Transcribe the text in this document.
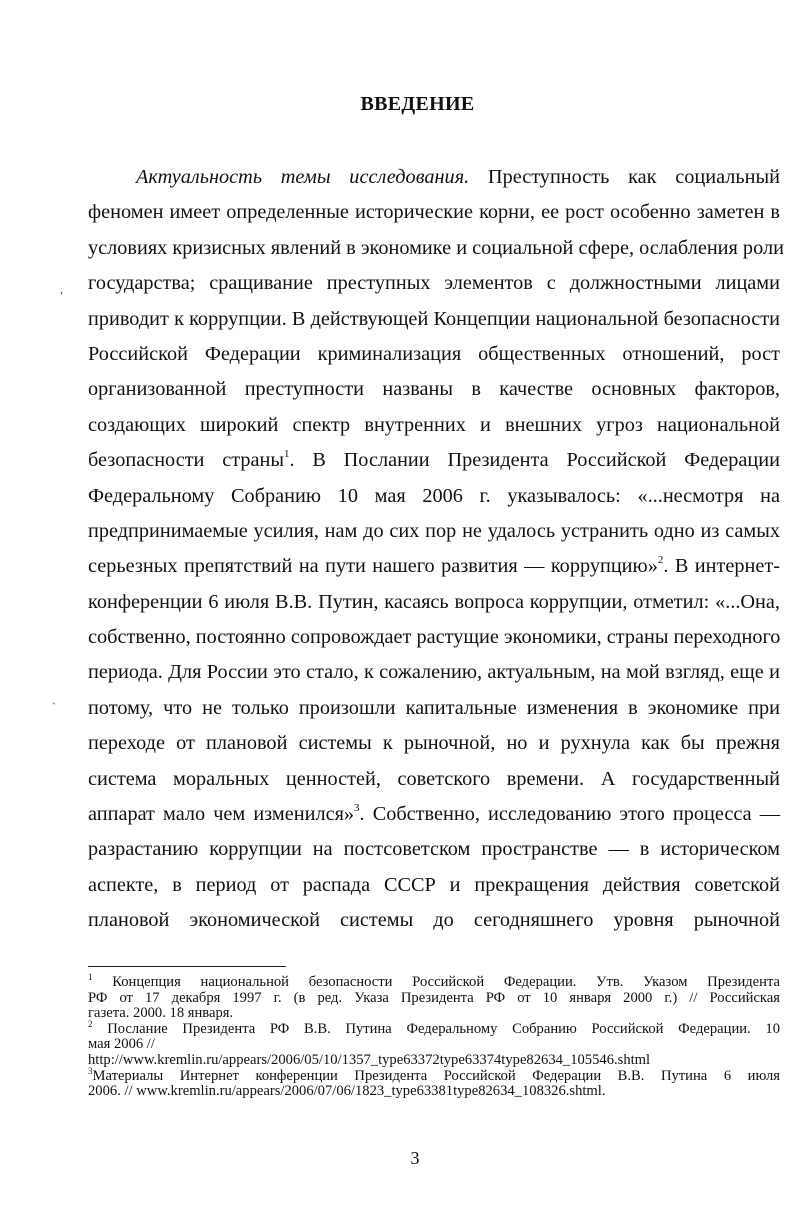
ВВЕДЕНИЕ
,
`
Актуальность темы исследования. Преступность как социальный
феномен имеет определенные исторические корни, ее рост особенно заметен в
условиях кризисных явлений в экономике и социальной сфере, ослабления роли
государства; сращивание преступных элементов с должностными лицами
приводит к коррупции. В действующей Концепции национальной безопасности
Российской Федерации криминализация общественных отношений, рост
организованной преступности названы в качестве основных факторов,
создающих широкий спектр внутренних и внешних угроз национальной
безопасности страны$^1$. В Послании Президента Российской Федерации
Федеральному Собранию 10 мая 2006 г. указывалось: «...несмотря на
предпринимаемые усилия, нам до сих пор не удалось устранить одно из самых
серьезных препятствий на пути нашего развития — коррупцию»$^2$. В интернет-
конференции 6 июля В.В. Путин, касаясь вопроса коррупции, отметил: «...Она,
собственно, постоянно сопровождает растущие экономики, страны переходного
периода. Для России это стало, к сожалению, актуальным, на мой взгляд, еще и
потому, что не только произошли капитальные изменения в экономике при
переходе от плановой системы к рыночной, но и рухнула как бы прежня
система моральных ценностей, советского времени. А государственный
аппарат мало чем изменился»$^3$. Собственно, исследованию этого процесса —
разрастанию коррупции на постсоветском пространстве — в историческом
аспекте, в период от распада СССР и прекращения действия советской
плановой экономической системы до сегодняшнего уровня рыночной
$^1$ Концепция национальной безопасности Российской Федерации. Утв. Указом Президента
РФ от 17 декабря 1997 г. (в ред. Указа Президента РФ от 10 января 2000 г.) // Российская
газета. 2000. 18 января.
$^2$ Послание Президента РФ В.В. Путина Федеральному Собранию Российской Федерации. 10
мая 2006 //
http://www.kremlin.ru/appears/2006/05/10/1357_type63372type63374type82634_105546.shtml
$^3$Материалы Интернет конференции Президента Российской Федерации В.В. Путина 6 июля
2006. // www.kremlin.ru/appears/2006/07/06/1823_type63381type82634_108326.shtml.
3
